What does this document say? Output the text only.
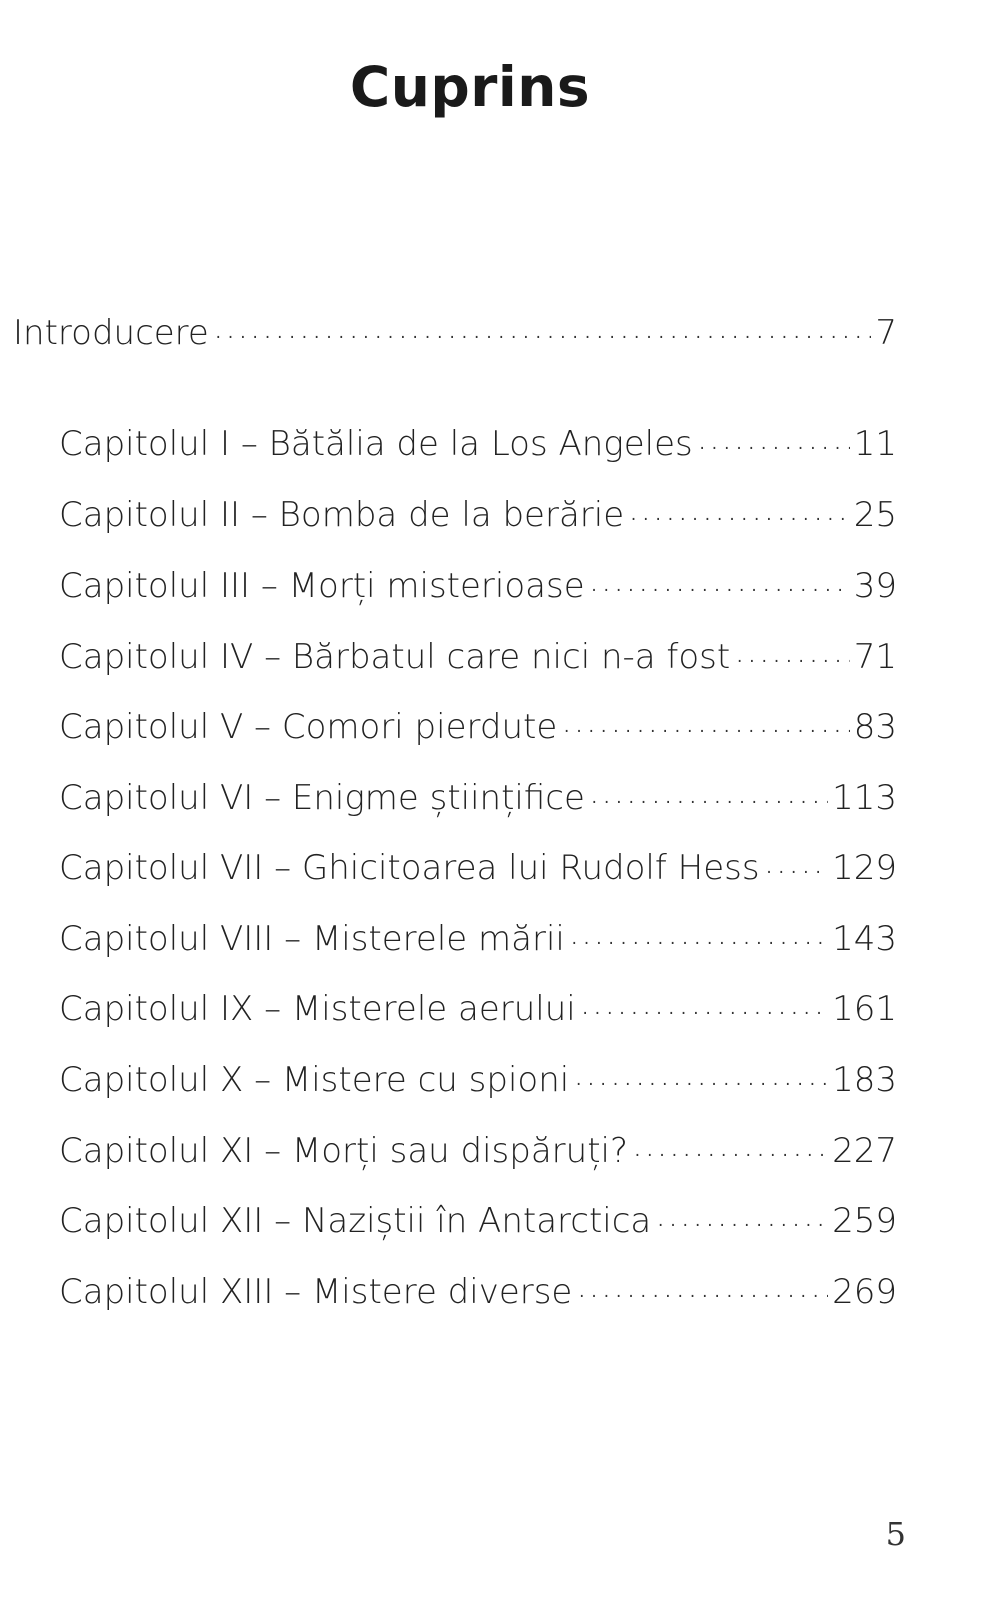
Cuprins
Introducere .....	7
Capitolul I – Bătălia de la Los Angeles .....	11
Capitolul II – Bomba de la berărie .....	25
Capitolul III – Morți misterioase .....	39
Capitolul IV – Bărbatul care nici n-a fost .....	71
Capitolul V – Comori pierdute .....	83
Capitolul VI – Enigme științifice .....	113
Capitolul VII – Ghicitoarea lui Rudolf Hess ..... 129
Capitolul VIII – Misterele mării .....	143
Capitolul IX – Misterele aerului .....	161
Capitolul X – Mistere cu spioni .....	183
Capitolul XI – Morți sau dispăruți? .....	227
Capitolul XII – Naziștii în Antarctica .....	259
Capitolul XIII – Mistere diverse .....	269
5
